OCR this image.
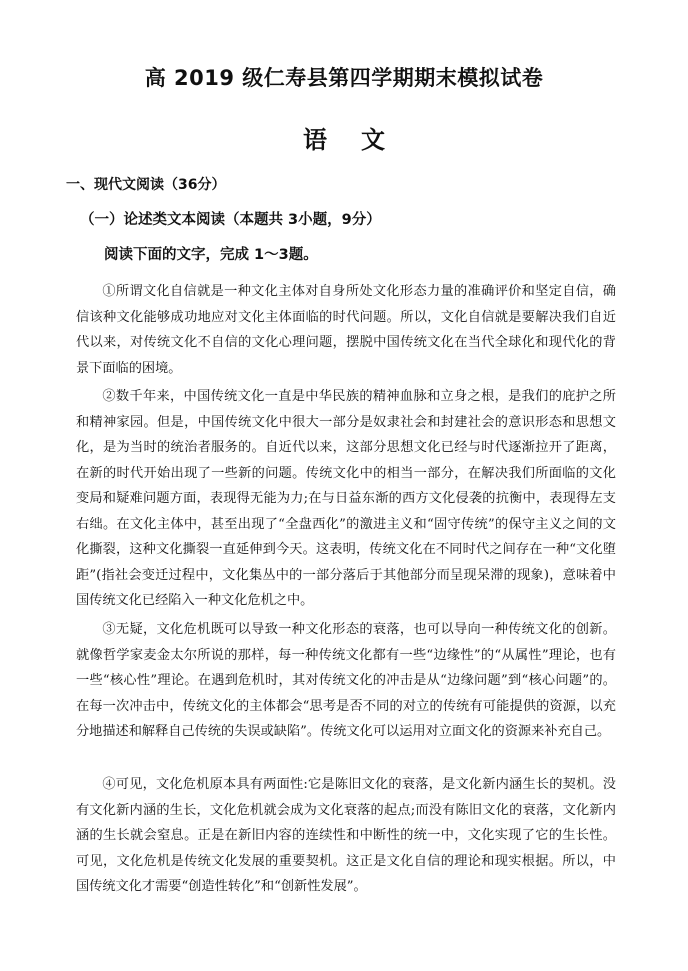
高 2019 级仁寿县第四学期期末模拟试卷
语文
一、现代文阅读（36分）
（一）论述类文本阅读（本题共 3小题，9分）
阅读下面的文字，完成 1～3题。

①所谓文化自信就是一种文化主体对自身所处文化形态力量的准确评价和坚定自信，确信该种文化能够成功地应对文化主体面临的时代问题。所以，文化自信就是要解决我们自近代以来，对传统文化不自信的文化心理问题，摆脱中国传统文化在当代全球化和现代化的背景下面临的困境。

②数千年来，中国传统文化一直是中华民族的精神血脉和立身之根，是我们的庇护之所和精神家园。但是，中国传统文化中很大一部分是奴隶社会和封建社会的意识形态和思想文化，是为当时的统治者服务的。自近代以来，这部分思想文化已经与时代逐渐拉开了距离，在新的时代开始出现了一些新的问题。传统文化中的相当一部分，在解决我们所面临的文化变局和疑难问题方面，表现得无能为力;在与日益东渐的西方文化侵袭的抗衡中，表现得左支右绌。在文化主体中，甚至出现了“全盘西化”的激进主义和“固守传统”的保守主义之间的文化撕裂，这种文化撕裂一直延伸到今天。这表明，传统文化在不同时代之间存在一种“文化堕距”(指社会变迁过程中，文化集丛中的一部分落后于其他部分而呈现呆滞的现象)，意味着中国传统文化已经陷入一种文化危机之中。

③无疑，文化危机既可以导致一种文化形态的衰落，也可以导向一种传统文化的创新。就像哲学家麦金太尔所说的那样，每一种传统文化都有一些“边缘性”的“从属性”理论，也有一些“核心性”理论。在遇到危机时，其对传统文化的冲击是从“边缘问题”到“核心问题”的。在每一次冲击中，传统文化的主体都会“思考是否不同的对立的传统有可能提供的资源，以充分地描述和解释自己传统的失误或缺陷”。传统文化可以运用对立面文化的资源来补充自己。

④可见，文化危机原本具有两面性:它是陈旧文化的衰落，是文化新内涵生长的契机。没有文化新内涵的生长，文化危机就会成为文化衰落的起点;而没有陈旧文化的衰落，文化新内涵的生长就会窒息。正是在新旧内容的连续性和中断性的统一中，文化实现了它的生长性。可见，文化危机是传统文化发展的重要契机。这正是文化自信的理论和现实根据。所以，中国传统文化才需要“创造性转化”和“创新性发展”。
